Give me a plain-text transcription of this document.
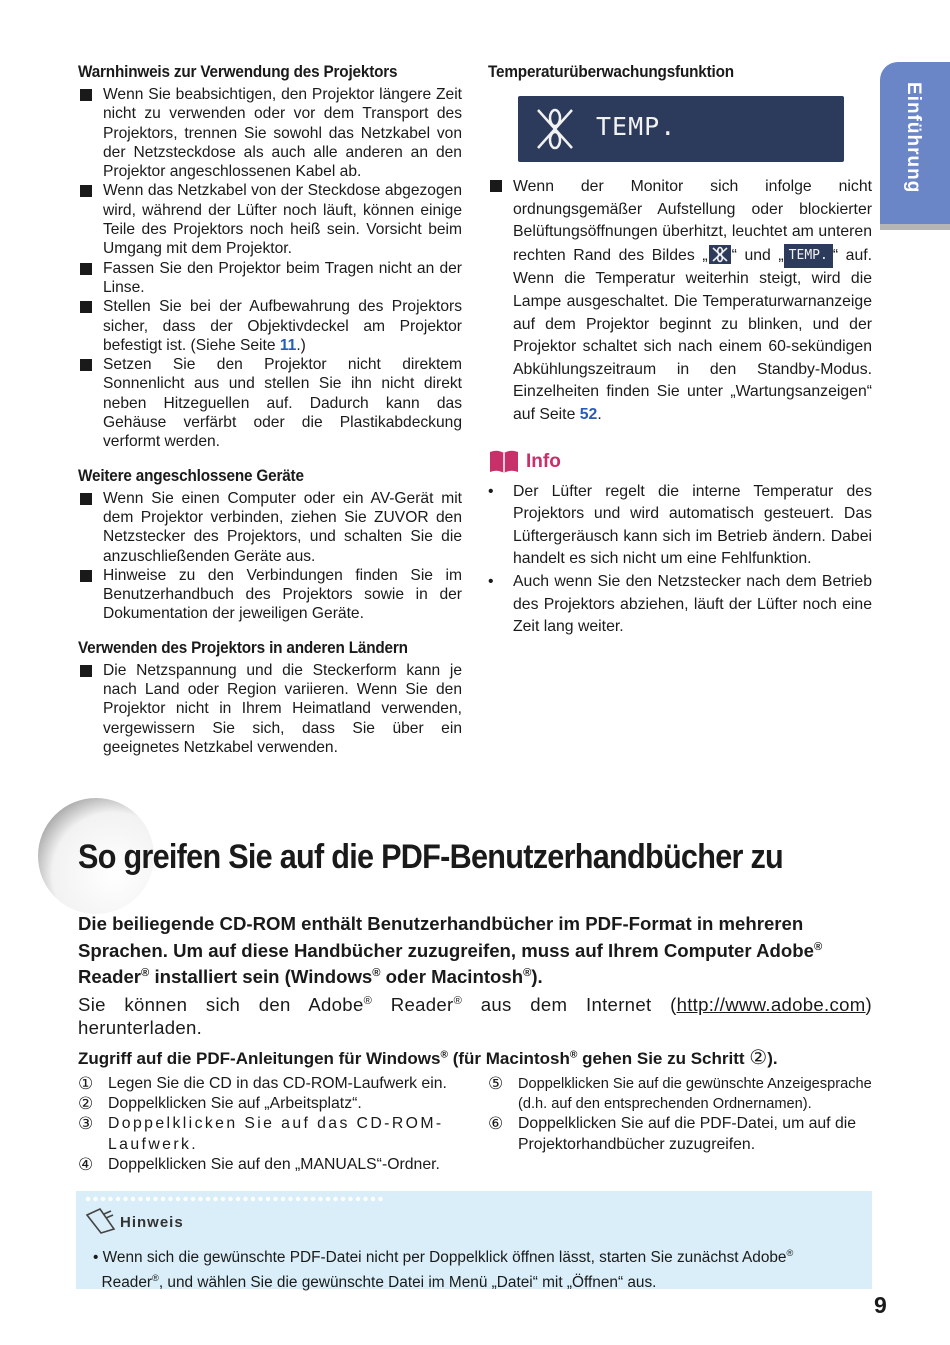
Warnhinweis zur Verwendung des Projektors
Wenn Sie beabsichtigen, den Projektor längere Zeit nicht zu verwenden oder vor dem Transport des Projektors, trennen Sie sowohl das Netzkabel von der Netzsteckdose als auch alle anderen an den Projektor angeschlossenen Kabel ab.
Wenn das Netzkabel von der Steckdose abgezogen wird, während der Lüfter noch läuft, können einige Teile des Projektors noch heiß sein. Vorsicht beim Umgang mit dem Projektor.
Fassen Sie den Projektor beim Tragen nicht an der Linse.
Stellen Sie bei der Aufbewahrung des Projektors sicher, dass der Objektivdeckel am Projektor befestigt ist. (Siehe Seite 11.)
Setzen Sie den Projektor nicht direktem Sonnenlicht aus und stellen Sie ihn nicht direkt neben Hitzeguellen auf. Dadurch kann das Gehäuse verfärbt oder die Plastikabdeckung verformt werden.
Weitere angeschlossene Geräte
Wenn Sie einen Computer oder ein AV-Gerät mit dem Projektor verbinden, ziehen Sie ZUVOR den Netzstecker des Projektors, und schalten Sie die anzuschließenden Geräte aus.
Hinweise zu den Verbindungen finden Sie im Benutzerhandbuch des Projektors sowie in der Dokumentation der jeweiligen Geräte.
Verwenden des Projektors in anderen Ländern
Die Netzspannung und die Steckerform kann je nach Land oder Region variieren. Wenn Sie den Projektor nicht in Ihrem Heimatland verwenden, vergewissern Sie sich, dass Sie über ein geeignetes Netzkabel verwenden.
Temperaturüberwachungsfunktion
TEMP.
Wenn der Monitor sich infolge nicht ordnungsgemäßer Aufstellung oder blockierter Belüftungsöffnungen überhitzt, leuchtet am unteren rechten Rand des Bildes „ “ und „ TEMP. “ auf. Wenn die Temperatur weiterhin steigt, wird die Lampe ausgeschaltet. Die Temperaturwarnanzeige auf dem Projektor beginnt zu blinken, und der Projektor schaltet sich nach einem 60-sekündigen Abkühlungszeitraum in den Standby-Modus. Einzelheiten finden Sie unter „Wartungsanzeigen“ auf Seite 52.
Info
• Der Lüfter regelt die interne Temperatur des Projektors und wird automatisch gesteuert. Das Lüftergeräusch kann sich im Betrieb ändern. Dabei handelt es sich nicht um eine Fehlfunktion.
• Auch wenn Sie den Netzstecker nach dem Betrieb des Projektors abziehen, läuft der Lüfter noch eine Zeit lang weiter.
Einführung
So greifen Sie auf die PDF-Benutzerhandbücher zu
Die beiliegende CD-ROM enthält Benutzerhandbücher im PDF-Format in mehreren Sprachen. Um auf diese Handbücher zuzugreifen, muss auf Ihrem Computer Adobe® Reader® installiert sein (Windows® oder Macintosh®).
Sie können sich den Adobe® Reader® aus dem Internet (http://www.adobe.com) herunterladen.
Zugriff auf die PDF-Anleitungen für Windows® (für Macintosh® gehen Sie zu Schritt ②).
① Legen Sie die CD in das CD-ROM-Laufwerk ein.
② Doppelklicken Sie auf „Arbeitsplatz“.
③ Doppelklicken Sie auf das CD-ROM-Laufwerk.
④ Doppelklicken Sie auf den „MANUALS“-Ordner.
⑤ Doppelklicken Sie auf die gewünschte Anzeigesprache (d.h. auf den entsprechenden Ordnernamen).
⑥ Doppelklicken Sie auf die PDF-Datei, um auf die Projektorhandbücher zuzugreifen.
Hinweis
• Wenn sich die gewünschte PDF-Datei nicht per Doppelklick öffnen lässt, starten Sie zunächst Adobe®
Reader®, und wählen Sie die gewünschte Datei im Menü „Datei“ mit „Öffnen“ aus.
9
